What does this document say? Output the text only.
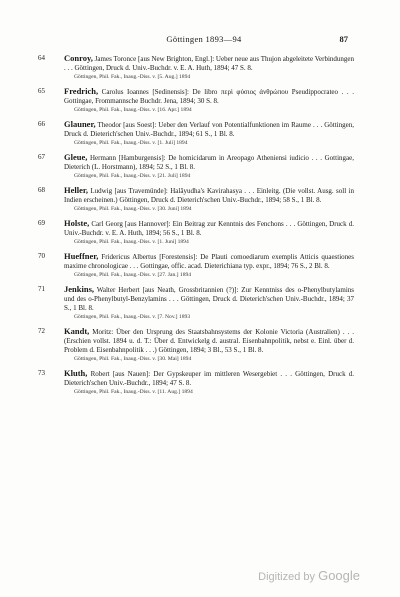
Göttingen 1893—94	87
64	Conroy, James Toronce [aus New Brighton, Engl.]: Ueber neue aus Thujon abgeleitete Verbindungen . . . Göttingen, Druck d. Univ.-Buchdr. v. E. A. Huth, 1894; 47 S. 8.

Göttingen, Phil. Fak., Inaug.-Diss. v. [5. Aug.] 1894

65	Fredrich, Carolus Ioannes [Sedinensis]: De libro περὶ φύσιος ἀνθρώπου Pseudippocrateo . . . Gottingae, Frommannsche Buchdr. Jena, 1894; 30 S. 8.

Göttingen, Phil. Fak., Inaug.-Diss. v. [16. Apr.] 1894

66	Glauner, Theodor [aus Soest]: Ueber den Verlauf von Potentialfunktionen im Raume . . . Göttingen, Druck d. Dieterich'schen Univ.-Buchdr., 1894; 61 S., 1 Bl. 8.

Göttingen, Phil. Fak., Inaug.-Diss. v. [1. Juli] 1894

67	Gleue, Hermann [Hamburgensis]: De homicidarum in Areopago Atheniensi iudicio . . . Gottingae, Dieterich (L. Horstmann), 1894; 52 S., 1 Bl. 8.

Göttingen, Phil. Fak., Inaug.-Diss. v. [21. Juli] 1894

68	Heller, Ludwig [aus Travemünde]: Halâyudha's Kavirahasya . . . Einleitg. (Die vollst. Ausg. soll in Indien erscheinen.) Göttingen, Druck d. Dieterich'schen Univ.-Buchdr., 1894; 58 S., 1 Bl. 8.

Göttingen, Phil. Fak., Inaug.-Diss. v. [30. Juni] 1894

69	Holste, Carl Georg [aus Hannover]: Ein Beitrag zur Kenntnis des Fenchons . . . Göttingen, Druck d. Univ.-Buchdr. v. E. A. Huth, 1894; 56 S., 1 Bl. 8.

Göttingen, Phil. Fak., Inaug.-Diss. v. [1. Juni] 1894

70	Hueffner, Fridericus Albertus [Forestensis]: De Plauti comoediarum exemplis Atticis quaestiones maxime chronologicae . . . Gottingae, offic. acad. Dieterichiana typ. expr., 1894; 76 S., 2 Bl. 8.

Göttingen, Phil. Fak., Inaug.-Diss. v. [27. Jan.] 1894

71	Jenkins, Walter Herbert [aus Neath, Grossbritannien (?)]: Zur Kenntniss des o-Phenylbutylamins und des o-Phenylbutyl-Benzylamins . . . Göttingen, Druck d. Dieterich'schen Univ.-Buchdr., 1894; 37 S., 1 Bl. 8.

Göttingen, Phil. Fak., Inaug.-Diss. v. [7. Nov.] 1893

72	Kandt, Moritz: Über den Ursprung des Staatsbahnsystems der Kolonie Victoria (Australien) . . . (Erschien vollst. 1894 u. d. T.: Über d. Entwickelg d. austral. Eisenbahnpolitik, nebst e. Einl. über d. Problem d. Eisenbahnpolitik . . .) Göttingen, 1894; 3 Bl., 53 S., 1 Bl. 8.

Göttingen, Phil. Fak., Inaug.-Diss. v. [30. Mai] 1894

73	Kluth, Robert [aus Nauen]: Der Gypskeuper im mittleren Wesergebiet . . . Göttingen, Druck d. Dieterich'schen Univ.-Buchdr., 1894; 47 S. 8.

Göttingen, Phil. Fak., Inaug.-Diss. v. [11. Aug.] 1894

Digitized by Google
